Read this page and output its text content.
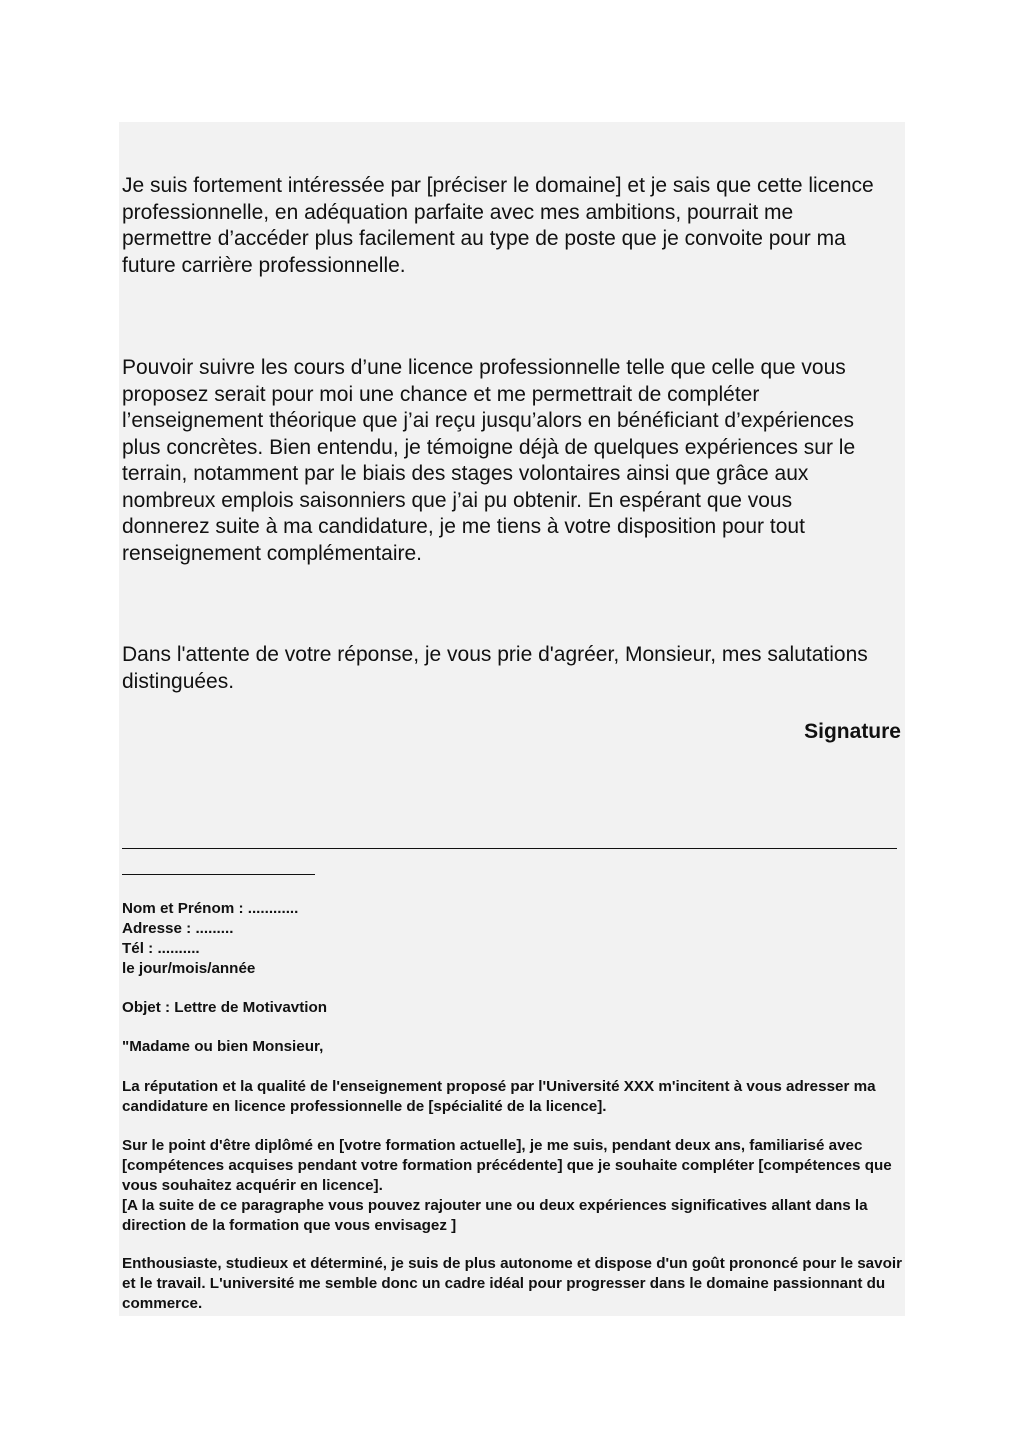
Je suis fortement intéressée par [préciser le domaine] et je sais que cette licence professionnelle, en adéquation parfaite avec mes ambitions, pourrait me permettre d’accéder plus facilement au type de poste que je convoite pour ma future carrière professionnelle.

Pouvoir suivre les cours d’une licence professionnelle telle que celle que vous proposez serait pour moi une chance et me permettrait de compléter l’enseignement théorique que j’ai reçu jusqu’alors en bénéficiant d’expériences plus concrètes. Bien entendu, je témoigne déjà de quelques expériences sur le terrain, notamment par le biais des stages volontaires ainsi que grâce aux nombreux emplois saisonniers que j’ai pu obtenir. En espérant que vous donnerez suite à ma candidature, je me tiens à votre disposition pour tout renseignement complémentaire.

Dans l'attente de votre réponse, je vous prie d'agréer, Monsieur, mes salutations distinguées.

Signature

Nom et Prénom : ............
Adresse : .........
Tél : ..........
le jour/mois/année

Objet : Lettre de Motivavtion

"Madame ou bien Monsieur,

La réputation et la qualité de l'enseignement proposé par l'Université XXX m'incitent à vous adresser ma candidature en licence professionnelle de [spécialité de la licence].

Sur le point d'être diplômé en [votre formation actuelle], je me suis, pendant deux ans, familiarisé avec [compétences acquises pendant votre formation précédente] que je souhaite compléter [compétences que vous souhaitez acquérir en licence].
[A la suite de ce paragraphe vous pouvez rajouter une ou deux expériences significatives allant dans la direction de la formation que vous envisagez ]

Enthousiaste, studieux et déterminé, je suis de plus autonome et dispose d'un goût prononcé pour le savoir et le travail. L'université me semble donc un cadre idéal pour progresser dans le domaine passionnant du commerce.
